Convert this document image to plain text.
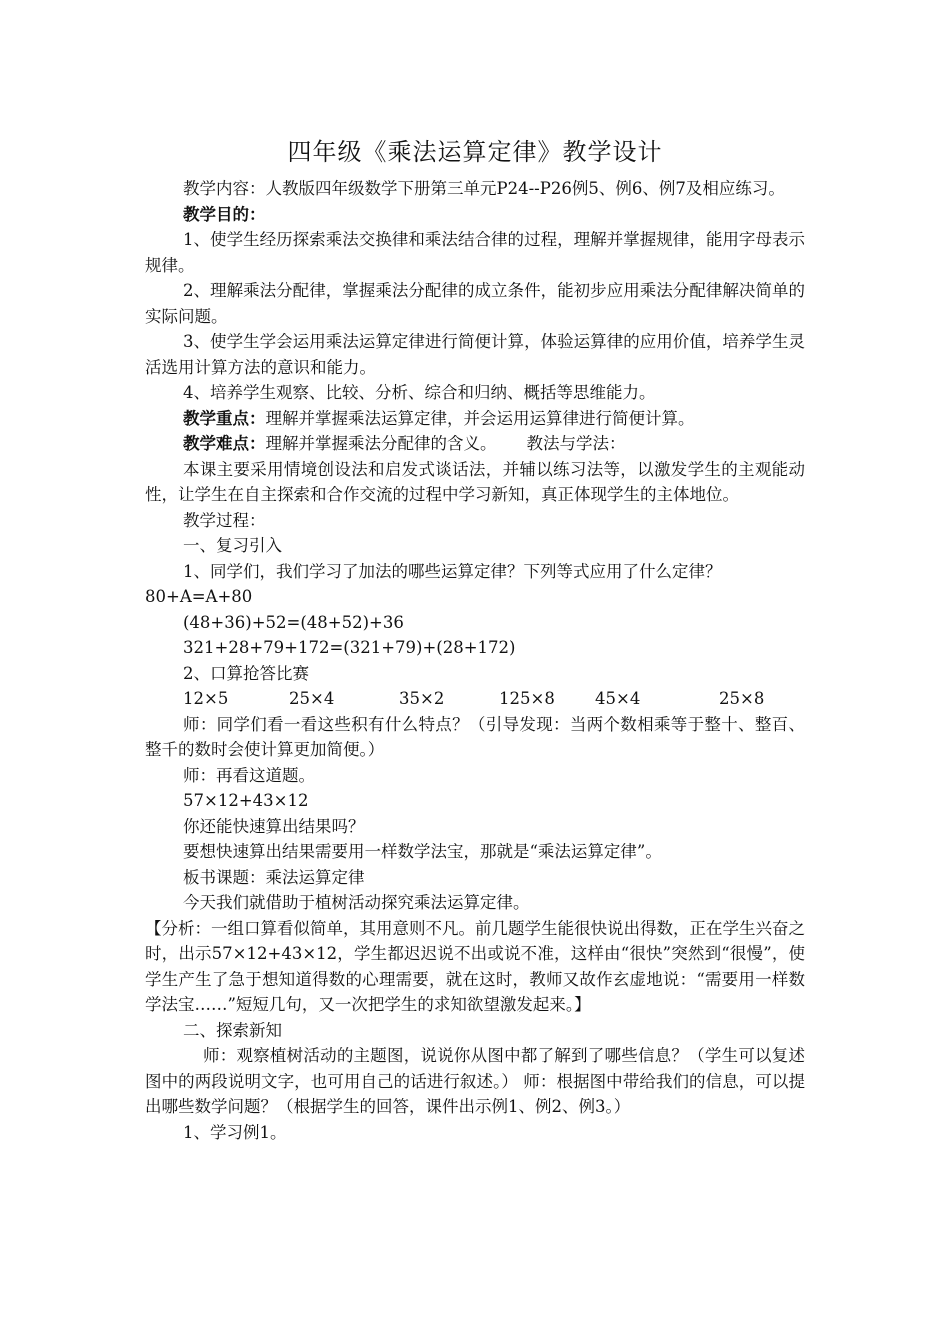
四年级《乘法运算定律》教学设计

教学内容：人教版四年级数学下册第三单元P24--P26例5、例6、例7及相应练习。

教学目的：

1、使学生经历探索乘法交换律和乘法结合律的过程，理解并掌握规律，能用字母表示规律。

2、理解乘法分配律，掌握乘法分配律的成立条件，能初步应用乘法分配律解决简单的实际问题。

3、使学生学会运用乘法运算定律进行简便计算，体验运算律的应用价值，培养学生灵活选用计算方法的意识和能力。

4、培养学生观察、比较、分析、综合和归纳、概括等思维能力。

教学重点：理解并掌握乘法运算定律，并会运用运算律进行简便计算。

教学难点：理解并掌握乘法分配律的含义。 教法与学法：

本课主要采用情境创设法和启发式谈话法，并辅以练习法等，以激发学生的主观能动性，让学生在自主探索和合作交流的过程中学习新知，真正体现学生的主体地位。

教学过程：

一、复习引入

1、同学们，我们学习了加法的哪些运算定律？下列等式应用了什么定律？

80+A=A+80

(48+36)+52=(48+52)+36

321+28+79+172=(321+79)+(28+172)

2、口算抢答比赛

12×5	25×4	35×2	125×8	45×4	25×8

师：同学们看一看这些积有什么特点？（引导发现：当两个数相乘等于整十、整百、整千的数时会使计算更加简便。）

师：再看这道题。

57×12+43×12

你还能快速算出结果吗？

要想快速算出结果需要用一样数学法宝，那就是“乘法运算定律”。

板书课题：乘法运算定律

今天我们就借助于植树活动探究乘法运算定律。

【分析：一组口算看似简单，其用意则不凡。前几题学生能很快说出得数，正在学生兴奋之时，出示57×12+43×12，学生都迟迟说不出或说不准，这样由“很快”突然到“很慢”，使学生产生了急于想知道得数的心理需要，就在这时，教师又故作玄虚地说：“需要用一样数学法宝……”短短几句，又一次把学生的求知欲望激发起来。】

二、探索新知

师：观察植树活动的主题图，说说你从图中都了解到了哪些信息？（学生可以复述图中的两段说明文字，也可用自己的话进行叙述。） 师：根据图中带给我们的信息，可以提出哪些数学问题？（根据学生的回答，课件出示例1、例2、例3。）

1、学习例1。
